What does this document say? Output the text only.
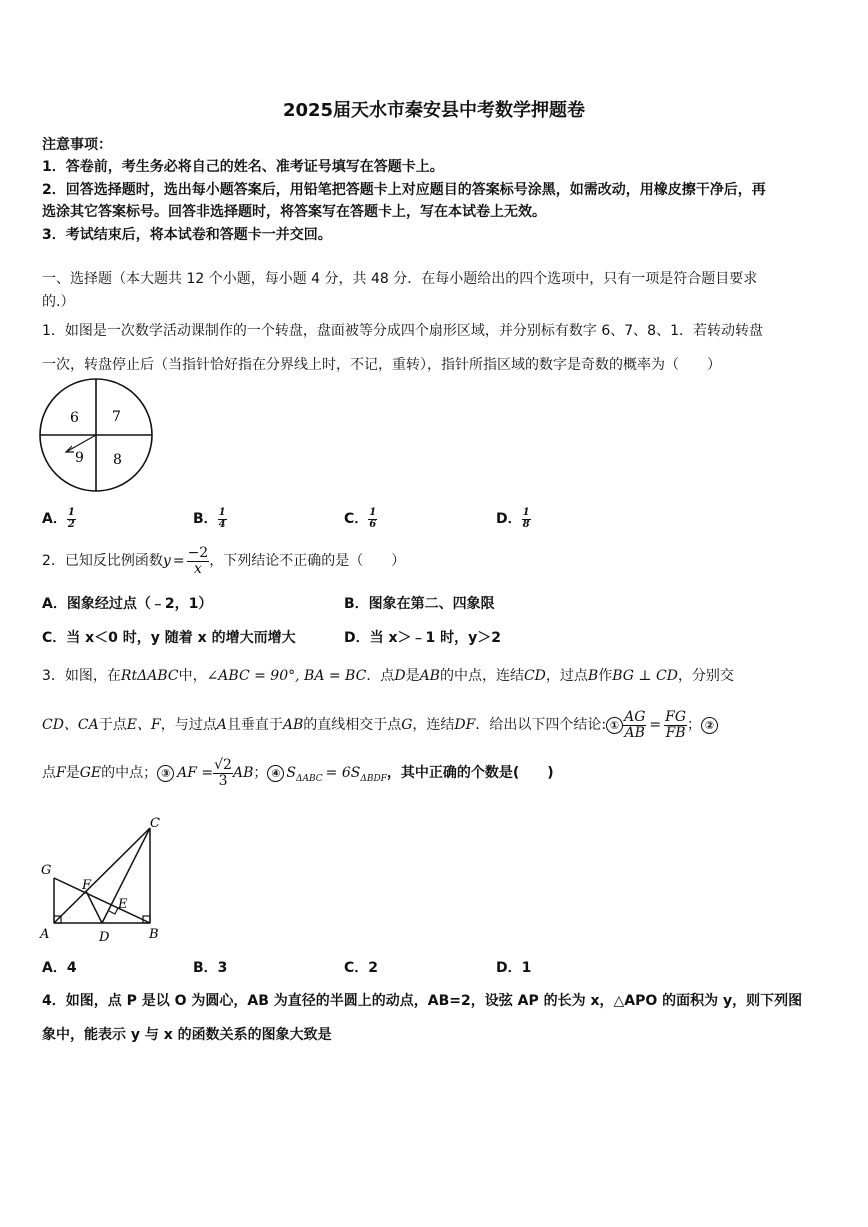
2025届天水市秦安县中考数学押题卷
注意事项：
1．答卷前，考生务必将自己的姓名、准考证号填写在答题卡上。
2．回答选择题时，选出每小题答案后，用铅笔把答题卡上对应题目的答案标号涂黑，如需改动，用橡皮擦干净后，再
选涂其它答案标号。回答非选择题时，将答案写在答题卡上，写在本试卷上无效。
3．考试结束后，将本试卷和答题卡一并交回。
一、选择题（本大题共 12 个小题，每小题 4 分，共 48 分．在每小题给出的四个选项中，只有一项是符合题目要求
的.）
1．如图是一次数学活动课制作的一个转盘，盘面被等分成四个扇形区域，并分别标有数字 6、7、8、1．若转动转盘
一次，转盘停止后（当指针恰好指在分界线上时，不记，重转），指针所指区域的数字是奇数的概率为（　　）
6 7
9 8
A． $\frac{1}{2}$	B． $\frac{1}{4}$	C． $\frac{1}{6}$	D． $\frac{1}{8}$
2．已知反比例函数$y = \frac{-2}{x}$ ，下列结论不正确的是（　　）
A．图象经过点（﹣2，1）	B．图象在第二、四象限
C．当 x＜0 时，y 随着 x 的增大而增大	D．当 x＞﹣1 时，y＞2
3．如图，在RtΔABC中，∠ABC = 90°, BA = BC．点D是AB的中点，连结CD，过点B作BG ⊥ CD，分别交
CD、CA于点E、F，与过点A且垂直于AB的直线相交于点G，连结DF．给出以下四个结论: ① $\frac{AG}{AB} = \frac{FG}{FB}$ ； ②
点F是GE的中点； ③ AF = $\frac{√2}{3}$ AB； ④ $S_{\Delta ABC} = 6S_{\Delta BDF}$，其中正确的个数是(　　)
C
G
F
E
A	D	B
A．4	B．3	C．2	D．1
4．如图，点 P 是以 O 为圆心，AB 为直径的半圆上的动点，AB=2，设弦 AP 的长为 x，△APO 的面积为 y，则下列图
象中，能表示 y 与 x 的函数关系的图象大致是
